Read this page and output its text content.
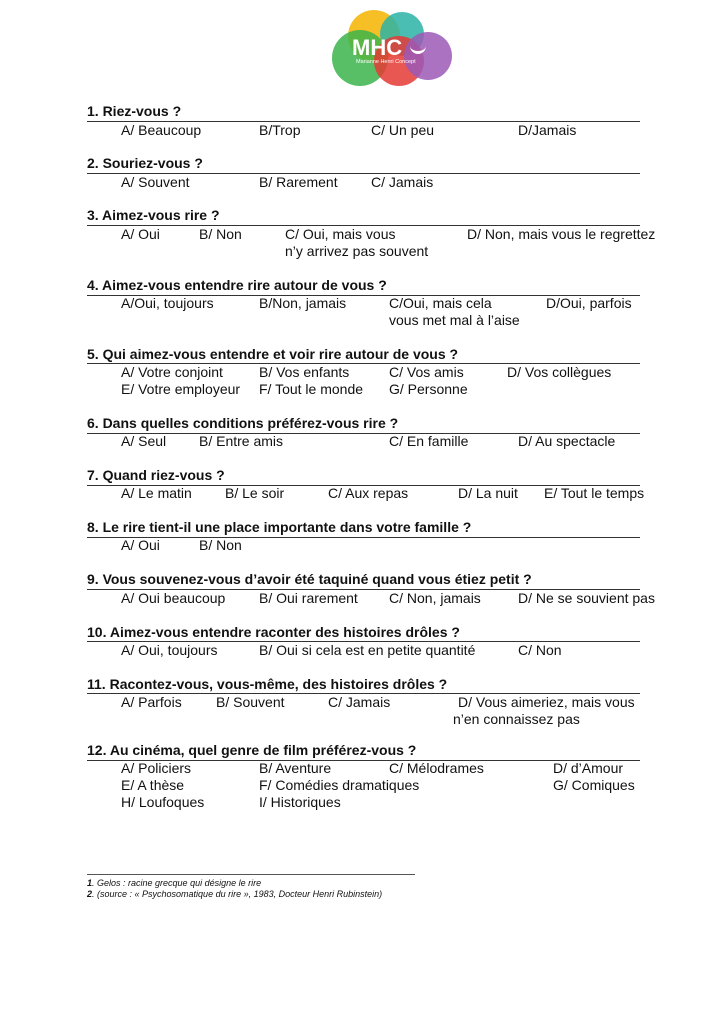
MHC
Marianne Henri Concept
1. Riez-vous ?
A/ Beaucoup	B/Trop	C/ Un peu	D/Jamais
2. Souriez-vous ?
A/ Souvent	B/ Rarement C/ Jamais
3. Aimez-vous rire ?
A/ Oui	B/ Non	C/ Oui, mais vous
n’y arrivez pas souvent
D/ Non, mais vous le regrettez
4. Aimez-vous entendre rire autour de vous ?
A/Oui, toujours	B/Non, jamais	C/Oui, mais cela
vous met mal à l’aise
D/Oui, parfois
5. Qui aimez-vous entendre et voir rire autour de vous ?
A/ Votre conjoint	B/ Vos enfants	C/ Vos amis	D/ Vos collègues
E/ Votre employeur F/ Tout le monde G/ Personne
6. Dans quelles conditions préférez-vous rire ?
A/ Seul B/ Entre amis	C/ En famille	D/ Au spectacle
7. Quand riez-vous ?
A/ Le matin B/ Le soir	C/ Aux repas	D/ La nuit E/ Tout le temps
8. Le rire tient-il une place importante dans votre famille ?
A/ Oui	B/ Non
9. Vous souvenez-vous d’avoir été taquiné quand vous étiez petit ?
A/ Oui beaucoup B/ Oui rarement C/ Non, jamais	D/ Ne se souvient pas
10. Aimez-vous entendre raconter des histoires drôles ?
A/ Oui, toujours	B/ Oui si cela est en petite quantité	C/ Non
11. Racontez-vous, vous-même, des histoires drôles ?
A/ Parfois B/ Souvent	C/ Jamais	D/ Vous aimeriez, mais vous
n’en connaissez pas
12. Au cinéma, quel genre de film préférez-vous ?
A/ Policiers	B/ Aventure	C/ Mélodrames	D/ d’Amour
E/ A thèse	F/ Comédies dramatiques	G/ Comiques
H/ Loufoques	I/ Historiques
1. Gelos : racine grecque qui désigne le rire
2. (source : « Psychosomatique du rire », 1983, Docteur Henri Rubinstein)
